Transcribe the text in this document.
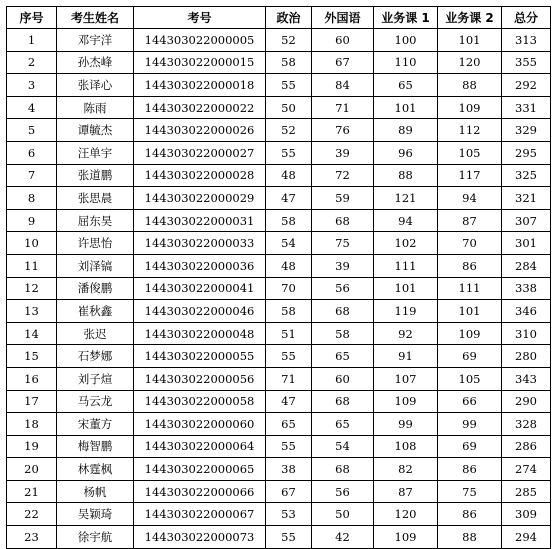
序号	考生姓名	考号	政治	外国语	业务课 1	业务课 2	总分
1	邓宇洋	144303022000005	52	60	100	101	313
2	孙杰峰	144303022000015	58	67	110	120	355
3	张译心	144303022000018	55	84	65	88	292
4	陈雨	144303022000022	50	71	101	109	331
5	谭毓杰	144303022000026	52	76	89	112	329
6	汪单宇	144303022000027	55	39	96	105	295
7	张道鹏	144303022000028	48	72	88	117	325
8	张思晨	144303022000029	47	59	121	94	321
9	屈东昊	144303022000031	58	68	94	87	307
10	许思怡	144303022000033	54	75	102	70	301
11	刘泽镐	144303022000036	48	39	111	86	284
12	潘俊鹏	144303022000041	70	56	101	111	338
13	崔秋鑫	144303022000046	58	68	119	101	346
14	张迟	144303022000048	51	58	92	109	310
15	石梦娜	144303022000055	55	65	91	69	280
16	刘子煊	144303022000056	71	60	107	105	343
17	马云龙	144303022000058	47	68	109	66	290
18	宋董方	144303022000060	65	65	99	99	328
19	梅智鹏	144303022000064	55	54	108	69	286
20	林霆枫	144303022000065	38	68	82	86	274
21	杨帆	144303022000066	67	56	87	75	285
22	吴颖琦	144303022000067	53	50	120	86	309
23	徐宇航	144303022000073	55	42	109	88	294
